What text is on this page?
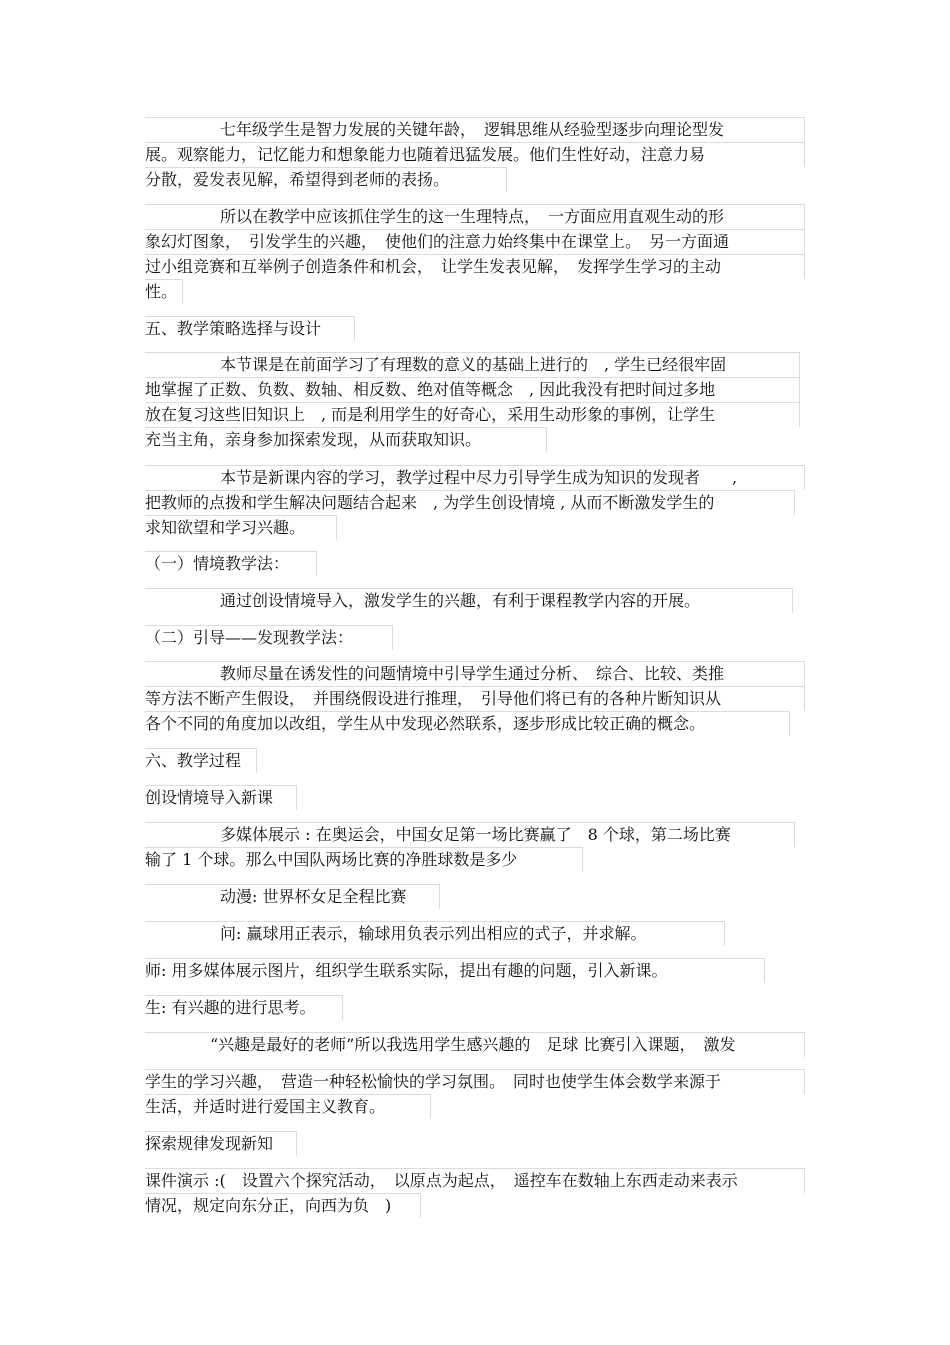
七年级学生是智力发展的关键年龄，　逻辑思维从经验型逐步向理论型发
展。观察能力，记忆能力和想象能力也随着迅猛发展。他们生性好动，注意力易
分散，爱发表见解，希望得到老师的表扬。
所以在教学中应该抓住学生的这一生理特点，　一方面应用直观生动的形
象幻灯图象，　引发学生的兴趣，　使他们的注意力始终集中在课堂上。　另一方面通
过小组竞赛和互举例子创造条件和机会，　让学生发表见解，　发挥学生学习的主动
性。
五、教学策略选择与设计
本节课是在前面学习了有理数的意义的基础上进行的　, 学生已经很牢固
地掌握了正数、负数、数轴、相反数、绝对值等概念　, 因此我没有把时间过多地
放在复习这些旧知识上　, 而是利用学生的好奇心，采用生动形象的事例，让学生
充当主角，亲身参加探索发现，从而获取知识。
本节是新课内容的学习，教学过程中尽力引导学生成为知识的发现者　　,
把教师的点拨和学生解决问题结合起来　, 为学生创设情境 , 从而不断激发学生的
求知欲望和学习兴趣。
（一）情境教学法：
通过创设情境导入，激发学生的兴趣，有利于课程教学内容的开展。
（二）引导——发现教学法：
教师尽量在诱发性的问题情境中引导学生通过分析、　综合、比较、类推
等方法不断产生假设，　并围绕假设进行推理，　引导他们将已有的各种片断知识从
各个不同的角度加以改组，学生从中发现必然联系，逐步形成比较正确的概念。
六、教学过程
创设情境导入新课
多媒体展示 : 在奥运会，中国女足第一场比赛赢了　8 个球，第二场比赛
输了 1 个球。那么中国队两场比赛的净胜球数是多少
动漫: 世界杯女足全程比赛
问: 赢球用正表示，输球用负表示列出相应的式子，并求解。
师: 用多媒体展示图片，组织学生联系实际，提出有趣的问题，引入新课。
生: 有兴趣的进行思考。
“兴趣是最好的老师”所以我选用学生感兴趣的　足球 比赛引入课题，　激发
学生的学习兴趣，　营造一种轻松愉快的学习氛围。　同时也使学生体会数学来源于
生活，并适时进行爱国主义教育。
探索规律发现新知
课件演示 :(　设置六个探究活动，　以原点为起点，　遥控车在数轴上东西走动来表示
情况，规定向东分正，向西为负　)
